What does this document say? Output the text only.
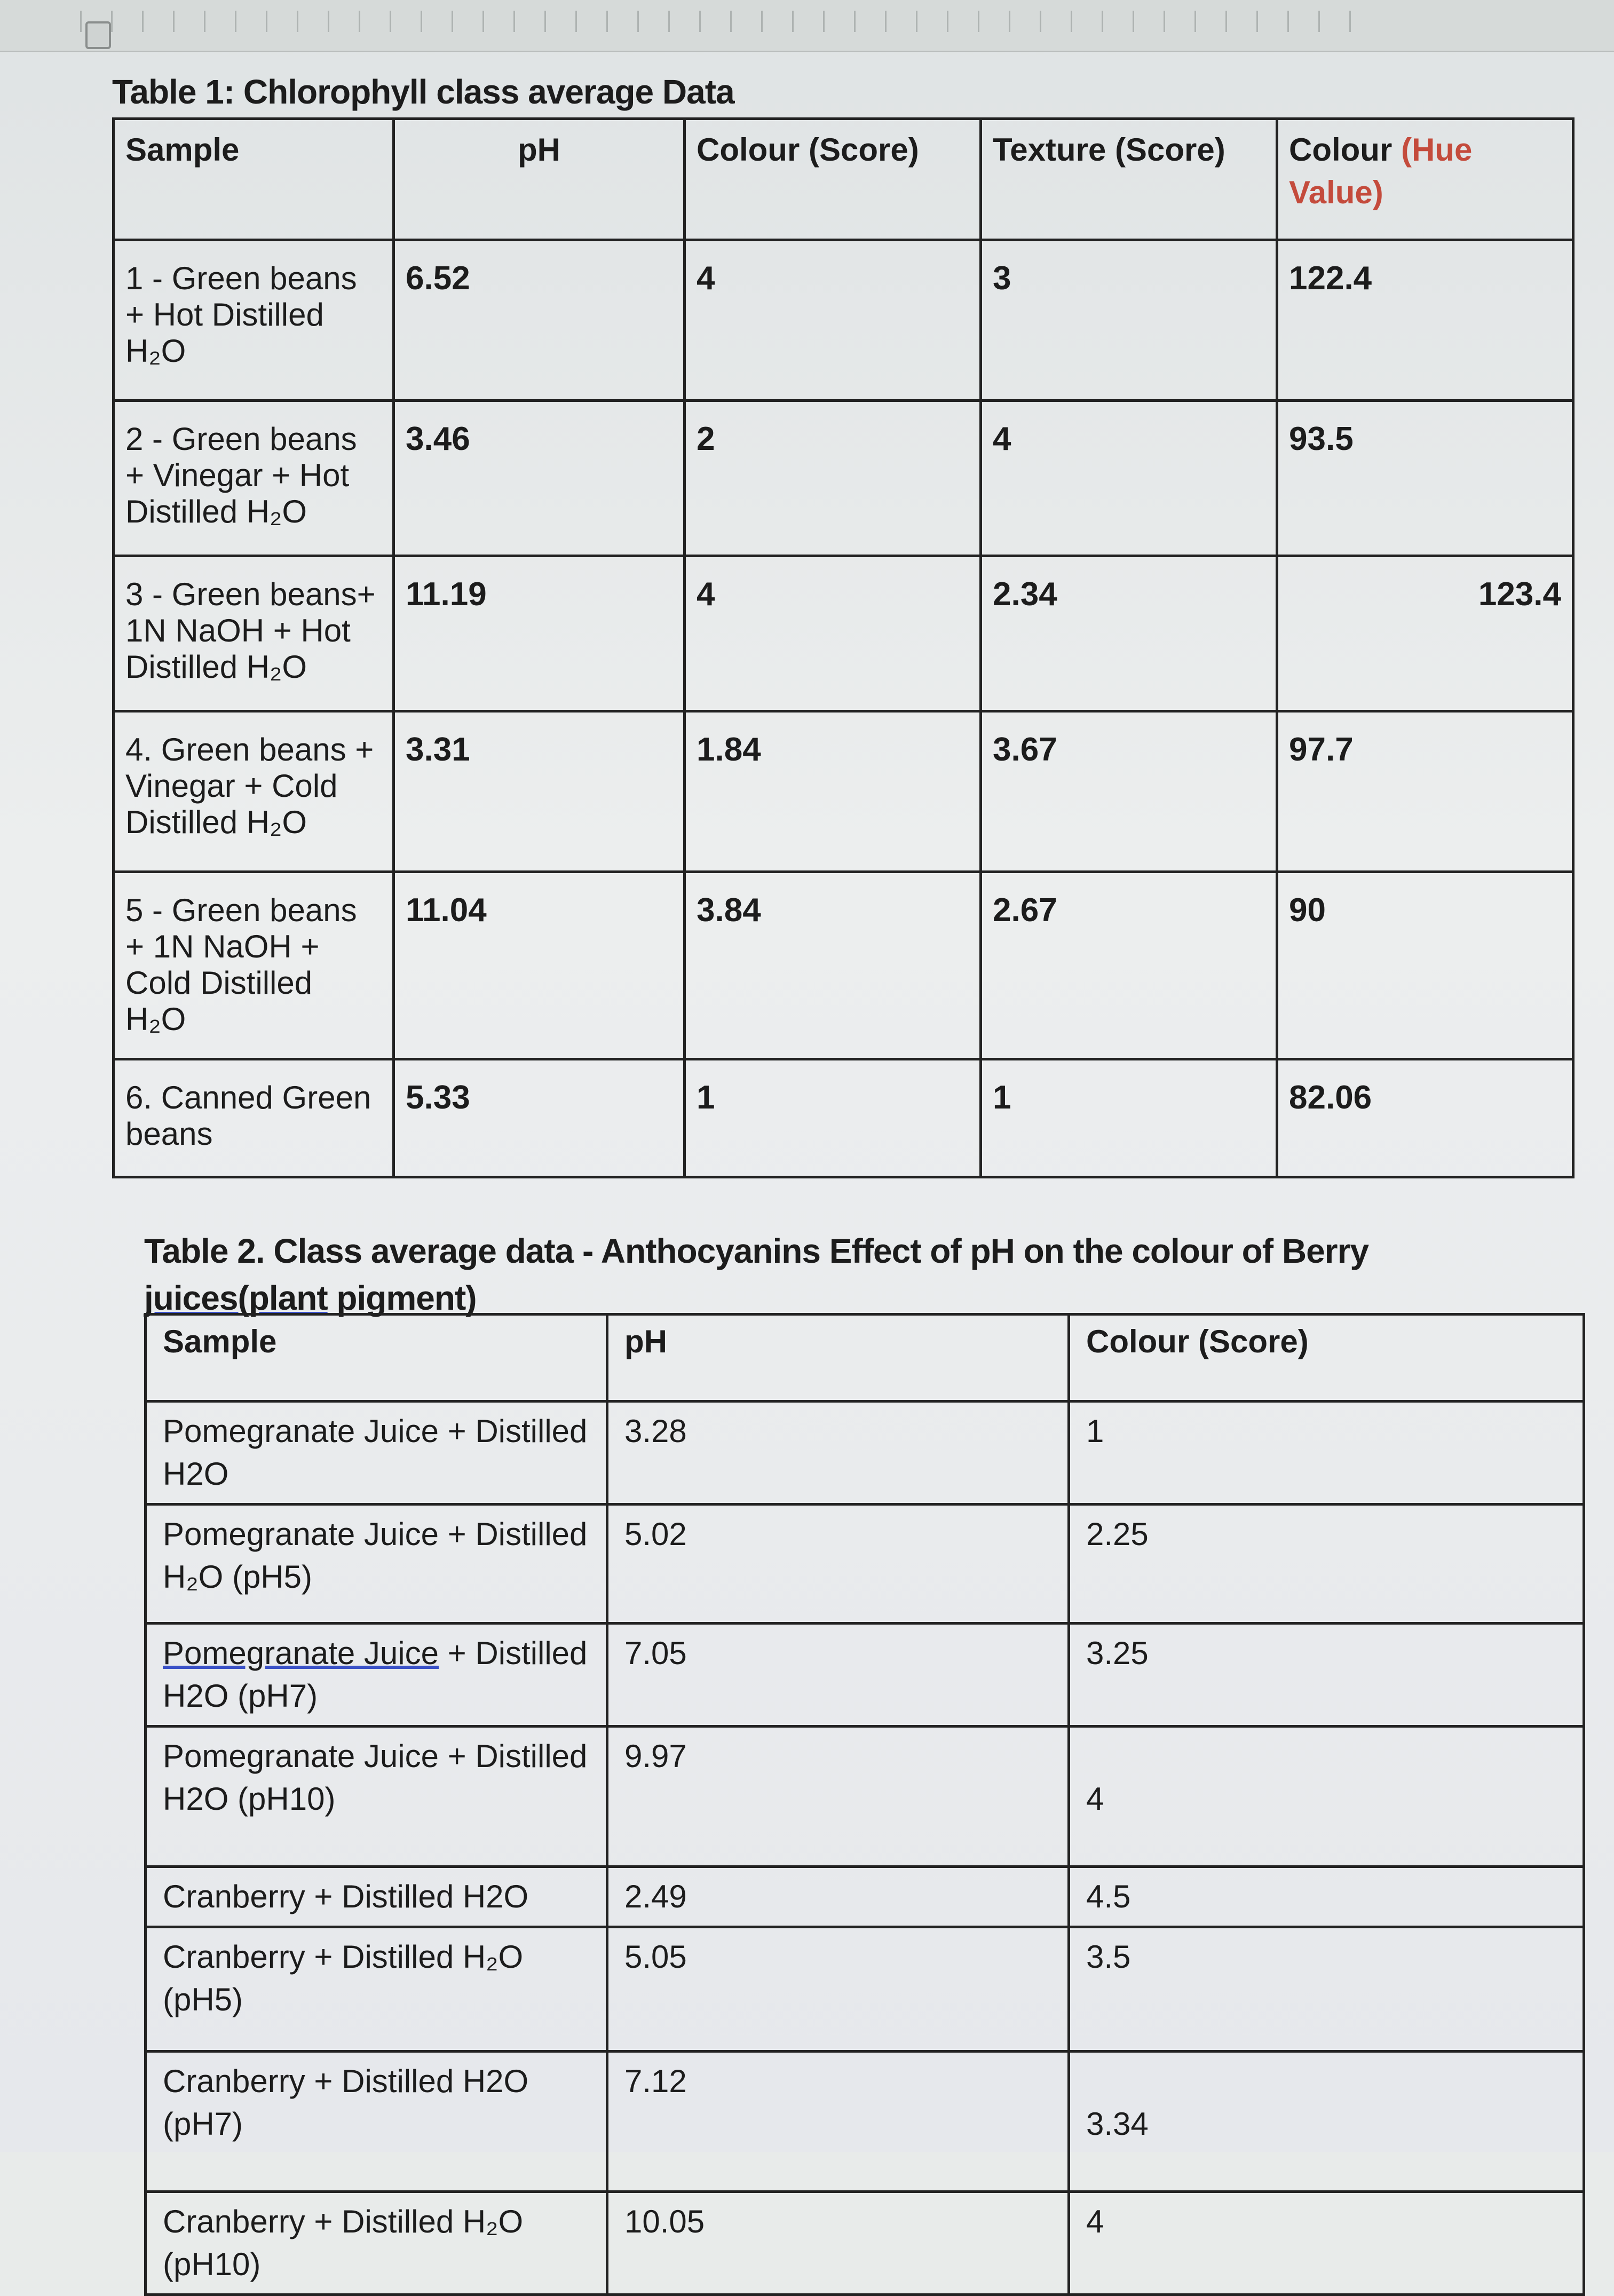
Table 1: Chlorophyll class average Data
Sample	pH	Colour (Score)	Texture (Score)	Colour (Hue Value)
1 - Green beans + Hot Distilled H₂O	6.52	4	3	122.4
2 - Green beans + Vinegar + Hot Distilled H₂O	3.46	2	4	93.5
3 - Green beans+ 1N NaOH + Hot Distilled H₂O	11.19	4	2.34	123.4
4. Green beans + Vinegar + Cold Distilled H₂O	3.31	1.84	3.67	97.7
5 - Green beans + 1N NaOH + Cold Distilled H₂O	11.04	3.84	2.67	90
6. Canned Green beans	5.33	1	1	82.06
Table 2. Class average data - Anthocyanins Effect of pH on the colour of Berry juices(plant pigment)
Sample	pH	Colour (Score)
Pomegranate Juice + Distilled H2O	3.28	1
Pomegranate Juice + Distilled H₂O (pH5)	5.02	2.25
Pomegranate Juice + Distilled H2O (pH7)	7.05	3.25
Pomegranate Juice + Distilled H2O (pH10)	9.97	4
Cranberry + Distilled H2O	2.49	4.5
Cranberry + Distilled H₂O (pH5)	5.05	3.5
Cranberry + Distilled H2O (pH7)	7.12	3.34
Cranberry + Distilled H₂O (pH10)	10.05	4
